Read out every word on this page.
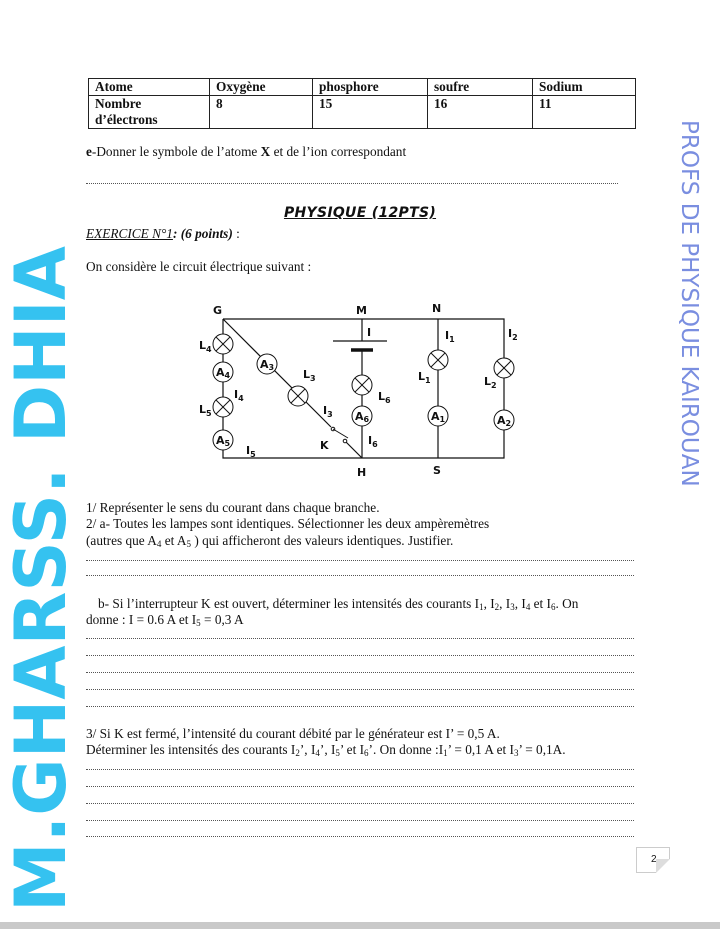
Atome	Oxygène	phosphore	soufre	Sodium
Nombre
d’électrons	8	15	16	11
e-Donner le symbole de l’atome X et de l’ion correspondant
PHYSIQUE (12PTS)
EXERCICE N°1: (6 points) :
On considère le circuit électrique suivant :
A4
A5
A3
A6	A1	A2
G	M	N
H	S
I
K
$L_4$
$L_5$
$L_3$
$L_6$
$L_1$	$L_2$
$I_1$	$I_2$
$I_3$
$I_4$
$I_5$
$I_6$
1/ Représenter le sens du courant dans chaque branche.
2/ a- Toutes les lampes sont identiques. Sélectionner les deux ampèremètres
(autres que $A_4$ et $A_5$ ) qui afficheront des valeurs identiques. Justifier.
b- Si l’interrupteur K est ouvert, déterminer les intensités des courants $I_1$, $I_2$, $I_3$, $I_4$ et $I_6$. On
donne : I = 0.6 A et $I_5 = 0,3$ A
3/ Si K est fermé, l’intensité du courant débité par le générateur est I’ = 0,5 A.
Déterminer les intensités des courants $I_2$’, $I_4$’, $I_5$’ et $I_6$’. On donne $:I_1$’ = 0,1 A et $I_3$’ = 0,1A.
PROFS DE PHYSIQUE KAIROUAN
M.GHARSS. DHIA	2
